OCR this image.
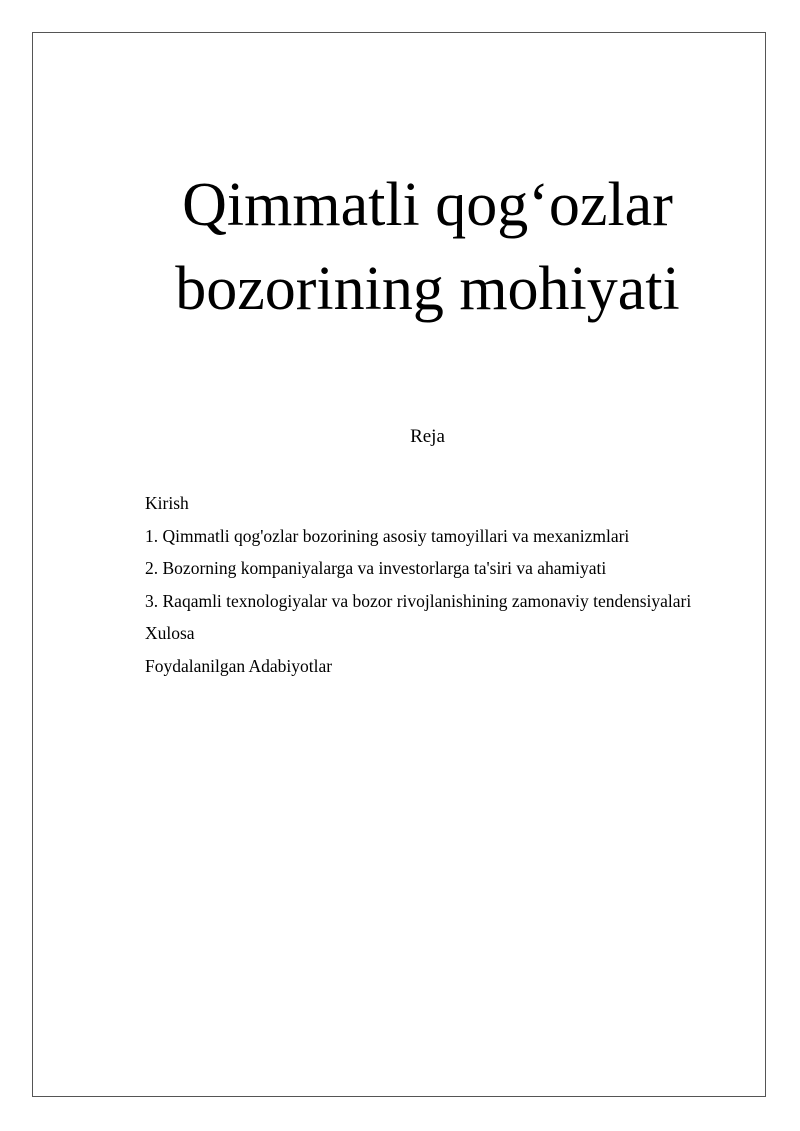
Qimmatli qog‘ozlar
bozorining mohiyati
Reja
Kirish
1. Qimmatli qog'ozlar bozorining asosiy tamoyillari va mexanizmlari
2. Bozorning kompaniyalarga va investorlarga ta'siri va ahamiyati
3. Raqamli texnologiyalar va bozor rivojlanishining zamonaviy tendensiyalari
Xulosa
Foydalanilgan Adabiyotlar
